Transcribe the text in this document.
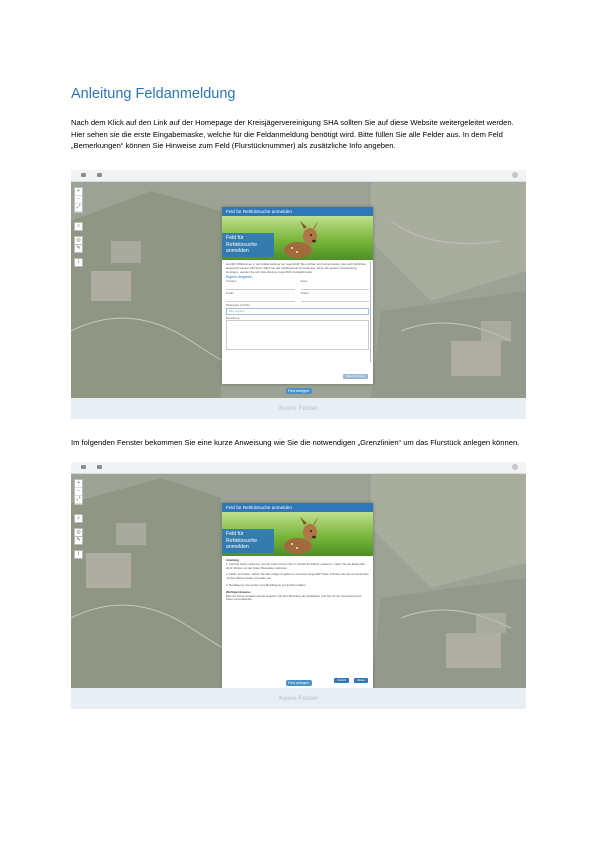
Anleitung Feldanmeldung

Nach dem Klick auf den Link auf der Homepage der Kreisjägervereinigung SHA sollten Sie auf diese Website weitergeleitet werden. Hier sehen sie die erste Eingabemaske, welche für die Feldanmeldung benötigt wird. Bitte füllen Sie alle Felder aus. In dem Feld „Bemerkungen“ können Sie Hinweise zum Feld (Flurstücknummer) als zusätzliche Info angeben.

+
−
⤢
⌕
◎
✎
i
Feld für Rehkitzsuche anmelden
Feld für Rehkitzsuche anmelden
Herzlich Willkommen in der Feldanmeldung von rega-Wirth! Sie möchten ein Feld anmelden, das nach Rehkitzen abgesucht werden soll? Dann füllen Sie das nachfolgende Formular aus. Wenn Sie weitere Unterstützung benötigen, wenden Sie sich bitte direkt an rega-Wirth Kontaktformular
Eigene Angaben
Vorname	Name
E-Mail	Telefon
Weitergabe an Dritte
Bitte angeben
Bemerkung
Weiter zu Karte
Feld anlegen
Keine Felder

Im folgenden Fenster bekommen Sie eine kurze Anweisung wie Sie die notwendigen „Grenzlinien“ um das Flurstück anlegen können.

+
−
⤢
⌕
◎
✎
i
Feld für Rehkitzsuche anmelden
Feld für Rehkitzsuche anmelden
Anleitung
1. Feld auf Karte markieren: Auf der Karte können Sie im Vorfeld die Fläche markieren, indem Sie die Eckpunkte durch Klicken mit der linken Maustaste markieren.
2. Felder anmelden: Haben Sie alle nötigen Angaben im Formular ausgefüllt? Dann schicken Sie das Formular bitte mit dem Button Felder anmelden ab.
3. Bestätigung: Sie werden eine Bestätigung per E-Mail erhalten.
Wichtige Hinweise
Bitte die Personendaten korrekt angeben. Mit dem Betreiben der Applikation sind Sie mit der Verarbeitung der Daten einverstanden.
Zurück	Weiter
Feld anlegen
Keine Felder
